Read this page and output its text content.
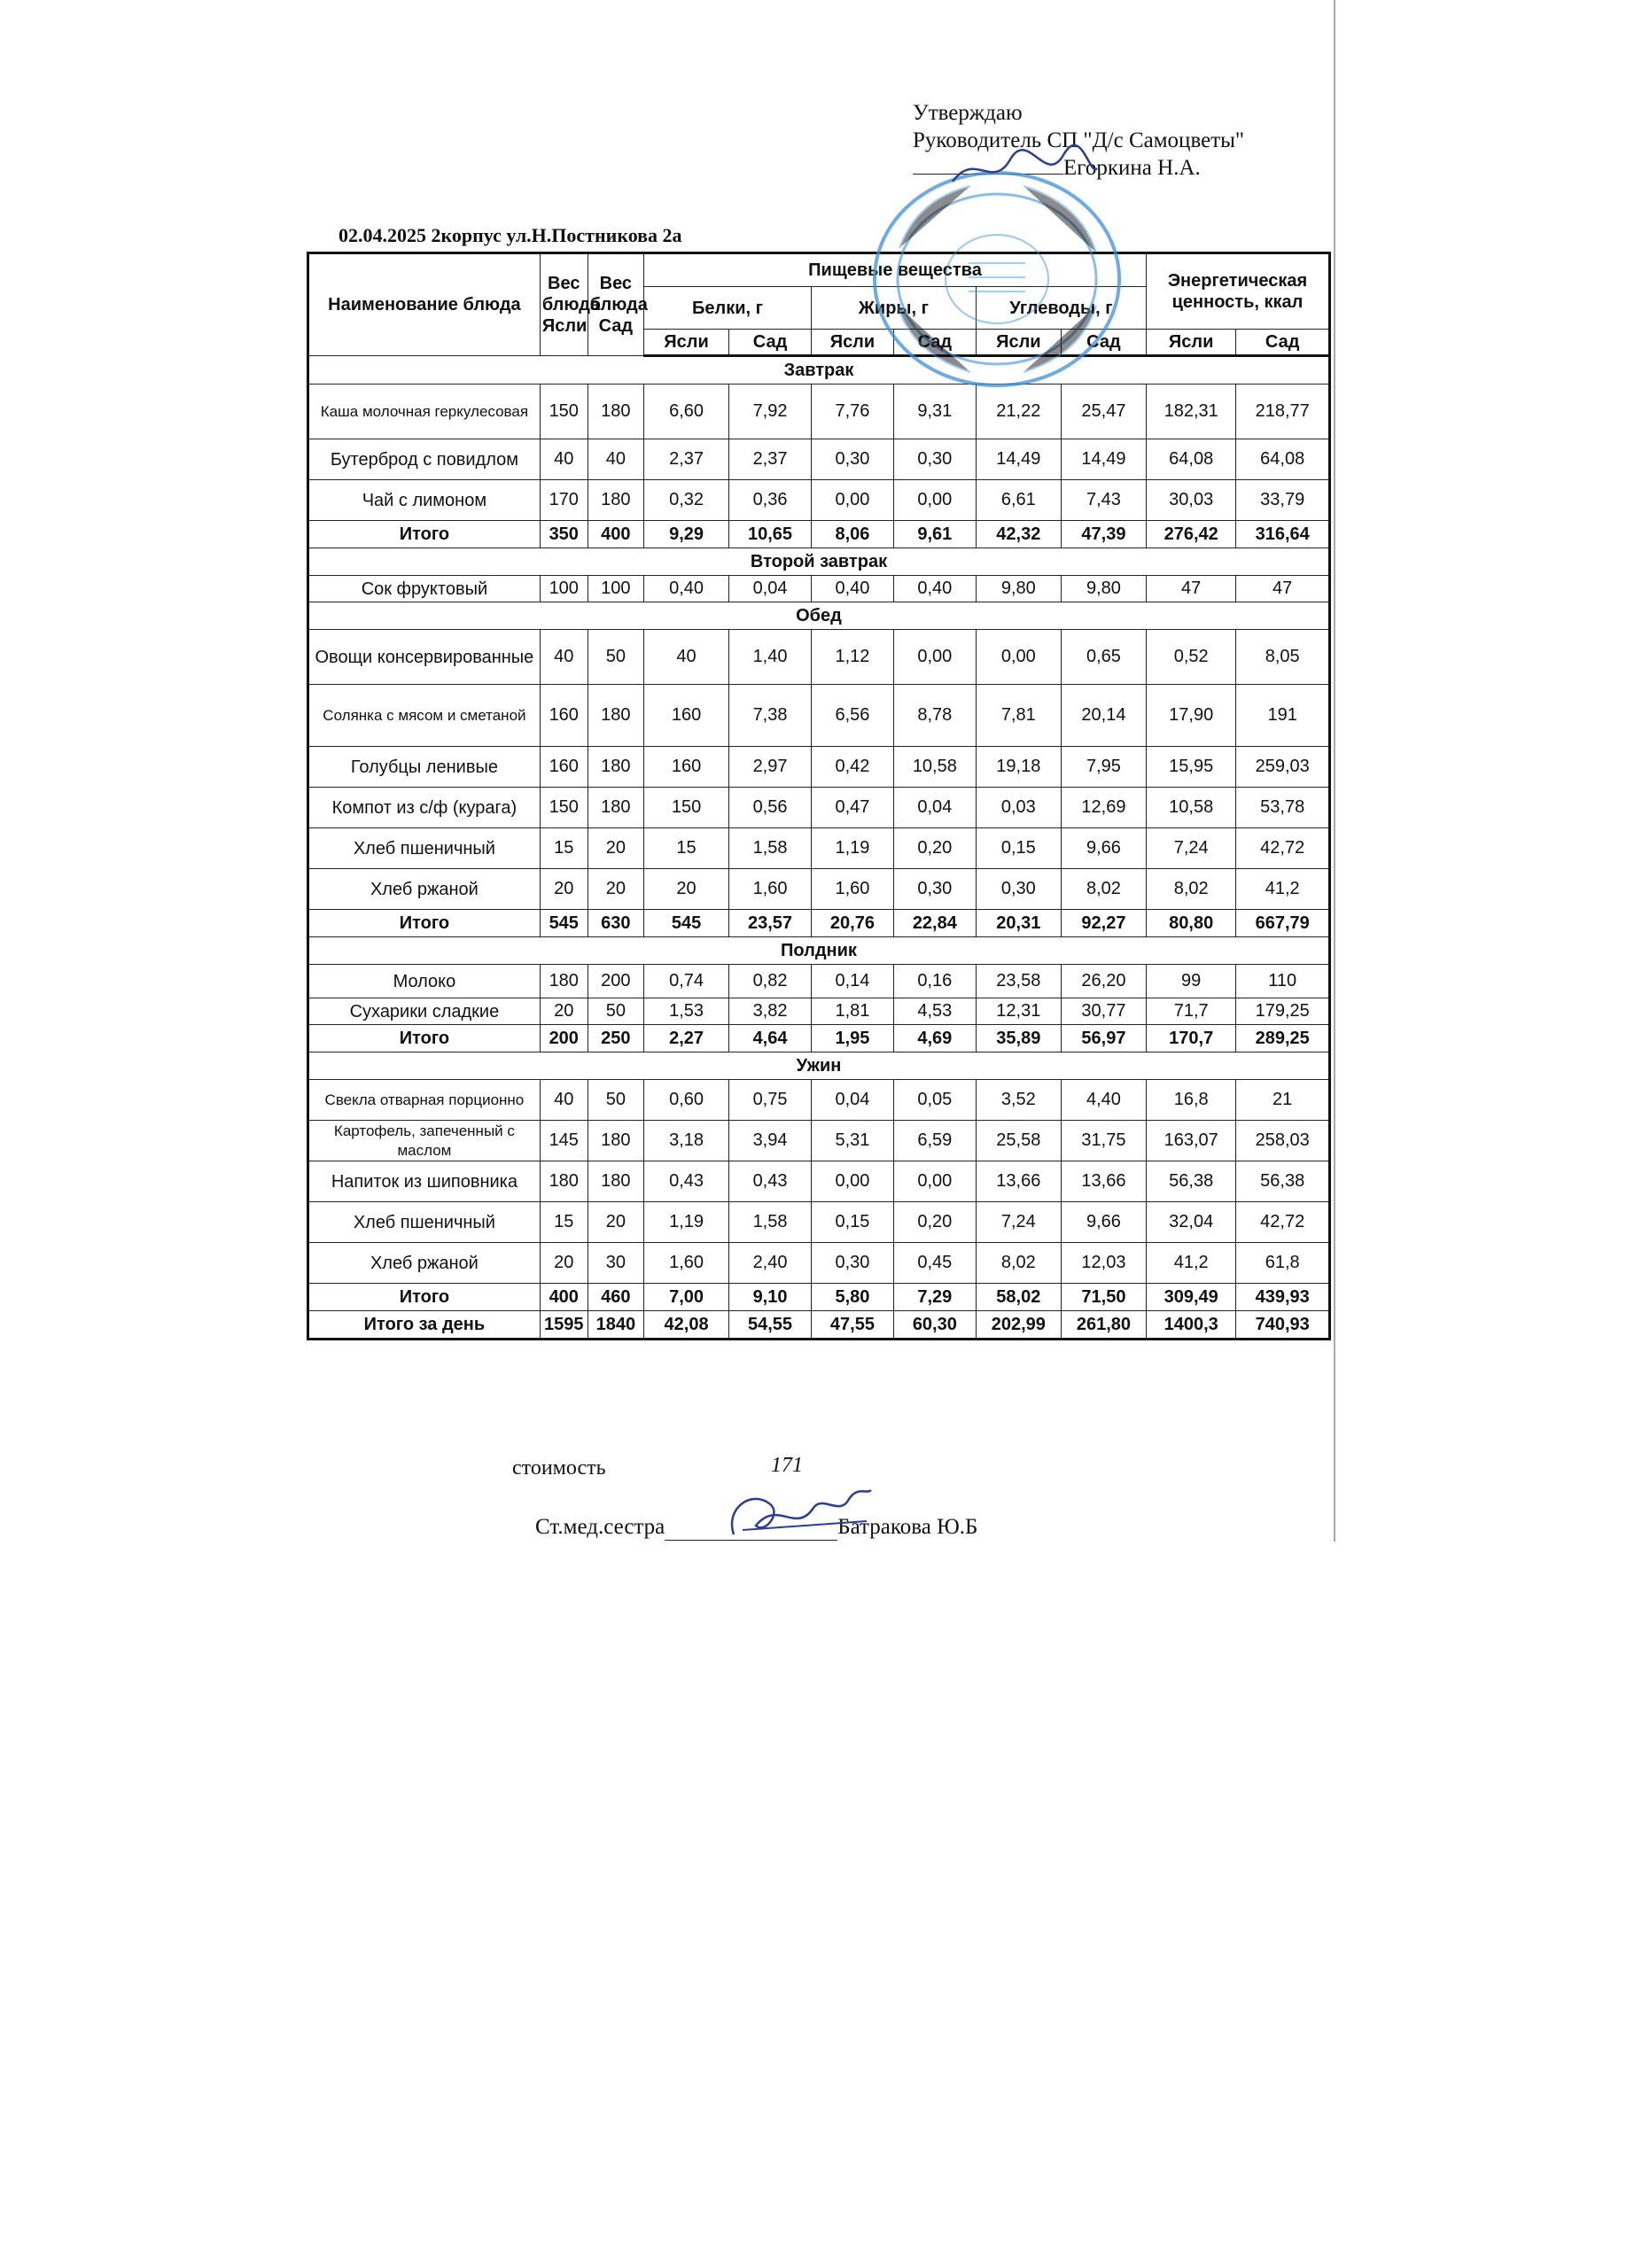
Утверждаю
Руководитель СП "Д/с Самоцветы"
Егоркина Н.А.
02.04.2025 2корпус ул.Н.Постникова 2а
Наименование блюда	Вес блюда Ясли	Вес блюда Сад	Пищевые вещества						Энергетическая ценность, ккал	
			Белки, г		Жиры, г		Углеводы, г			
			Ясли	Сад	Ясли	Сад	Ясли	Сад	Ясли	Сад
Завтрак										
Каша молочная геркулесовая	150	180	6,60	7,92	7,76	9,31	21,22	25,47	182,31	218,77
Бутерброд с повидлом	40	40	2,37	2,37	0,30	0,30	14,49	14,49	64,08	64,08
Чай с лимоном	170	180	0,32	0,36	0,00	0,00	6,61	7,43	30,03	33,79
Итого	350	400	9,29	10,65	8,06	9,61	42,32	47,39	276,42	316,64
Второй завтрак										
Сок фруктовый	100	100	0,40	0,04	0,40	0,40	9,80	9,80	47	47
Обед										
Овощи консервированные	40	50	40	1,40	1,12	0,00	0,00	0,65	0,52	8,05
Солянка с мясом и сметаной	160	180	160	7,38	6,56	8,78	7,81	20,14	17,90	191
Голубцы ленивые	160	180	160	2,97	0,42	10,58	19,18	7,95	15,95	259,03
Компот из с/ф (курага)	150	180	150	0,56	0,47	0,04	0,03	12,69	10,58	53,78
Хлеб пшеничный	15	20	15	1,58	1,19	0,20	0,15	9,66	7,24	42,72
Хлеб ржаной	20	20	20	1,60	1,60	0,30	0,30	8,02	8,02	41,2
Итого	545	630	545	23,57	20,76	22,84	20,31	92,27	80,80	667,79
Полдник										
Молоко	180	200	0,74	0,82	0,14	0,16	23,58	26,20	99	110
Сухарики сладкие	20	50	1,53	3,82	1,81	4,53	12,31	30,77	71,7	179,25
Итого	200	250	2,27	4,64	1,95	4,69	35,89	56,97	170,7	289,25
Ужин										
Свекла отварная порционно	40	50	0,60	0,75	0,04	0,05	3,52	4,40	16,8	21
Картофель, запеченный с маслом	145	180	3,18	3,94	5,31	6,59	25,58	31,75	163,07	258,03
Напиток из шиповника	180	180	0,43	0,43	0,00	0,00	13,66	13,66	56,38	56,38
Хлеб пшеничный	15	20	1,19	1,58	0,15	0,20	7,24	9,66	32,04	42,72
Хлеб ржаной	20	30	1,60	2,40	0,30	0,45	8,02	12,03	41,2	61,8
Итого	400	460	7,00	9,10	5,80	7,29	58,02	71,50	309,49	439,93
Итого за день	1595	1840	42,08	54,55	47,55	60,30	202,99	261,80	1400,3	740,93
стоимость	171
Ст.мед.сестра	Батракова Ю.Б
